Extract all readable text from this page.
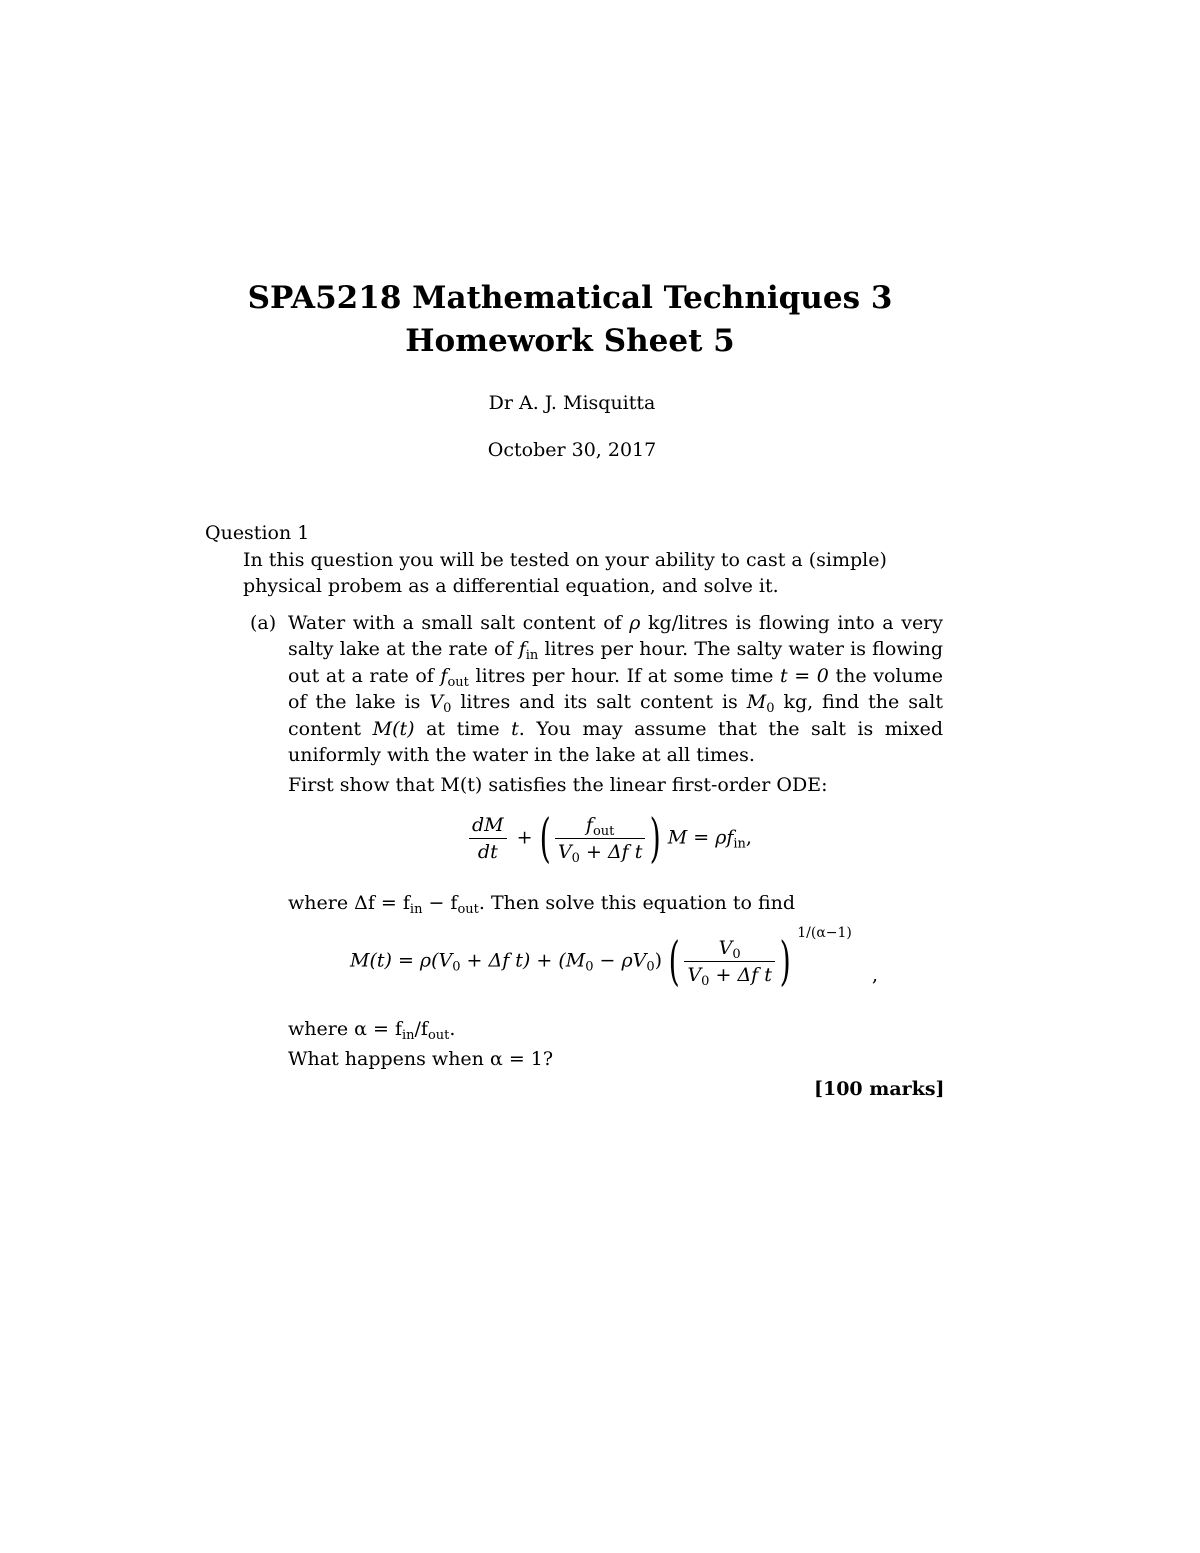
SPA5218 Mathematical Techniques 3
Homework Sheet 5
Dr A. J. Misquitta
October 30, 2017
Question 1
In this question you will be tested on your ability to cast a (simple) physical probem as a differential equation, and solve it.
(a) Water with a small salt content of ρ kg/litres is flowing into a very salty lake at the rate of $f_{in}$ litres per hour. The salty water is flowing out at a rate of $f_{out}$ litres per hour. If at some time t = 0 the volume of the lake is $V_0$ litres and its salt content is $M_0$ kg, find the salt content M(t) at time t. You may assume that the salt is mixed uniformly with the water in the lake at all times.
First show that M(t) satisfies the linear first-order ODE:
$\frac{dM}{dt}$ + ( $\frac{f_{out}}{V_0 + \Delta f t}$ ) $M = \rho f_{in}$,
where $\Delta f = f_{in} - f_{out}$. Then solve this equation to find
$M(t) = \rho(V_0 + \Delta f$ $t) + (M_0 - \rho V_0)$ ( $\frac{V_0}{V_0 + \Delta f t}$ ) $^{1/(\alpha-1)}$
,
where $\alpha = f_{in}/f_{out}$.
What happens when α = 1?
[100 marks]
